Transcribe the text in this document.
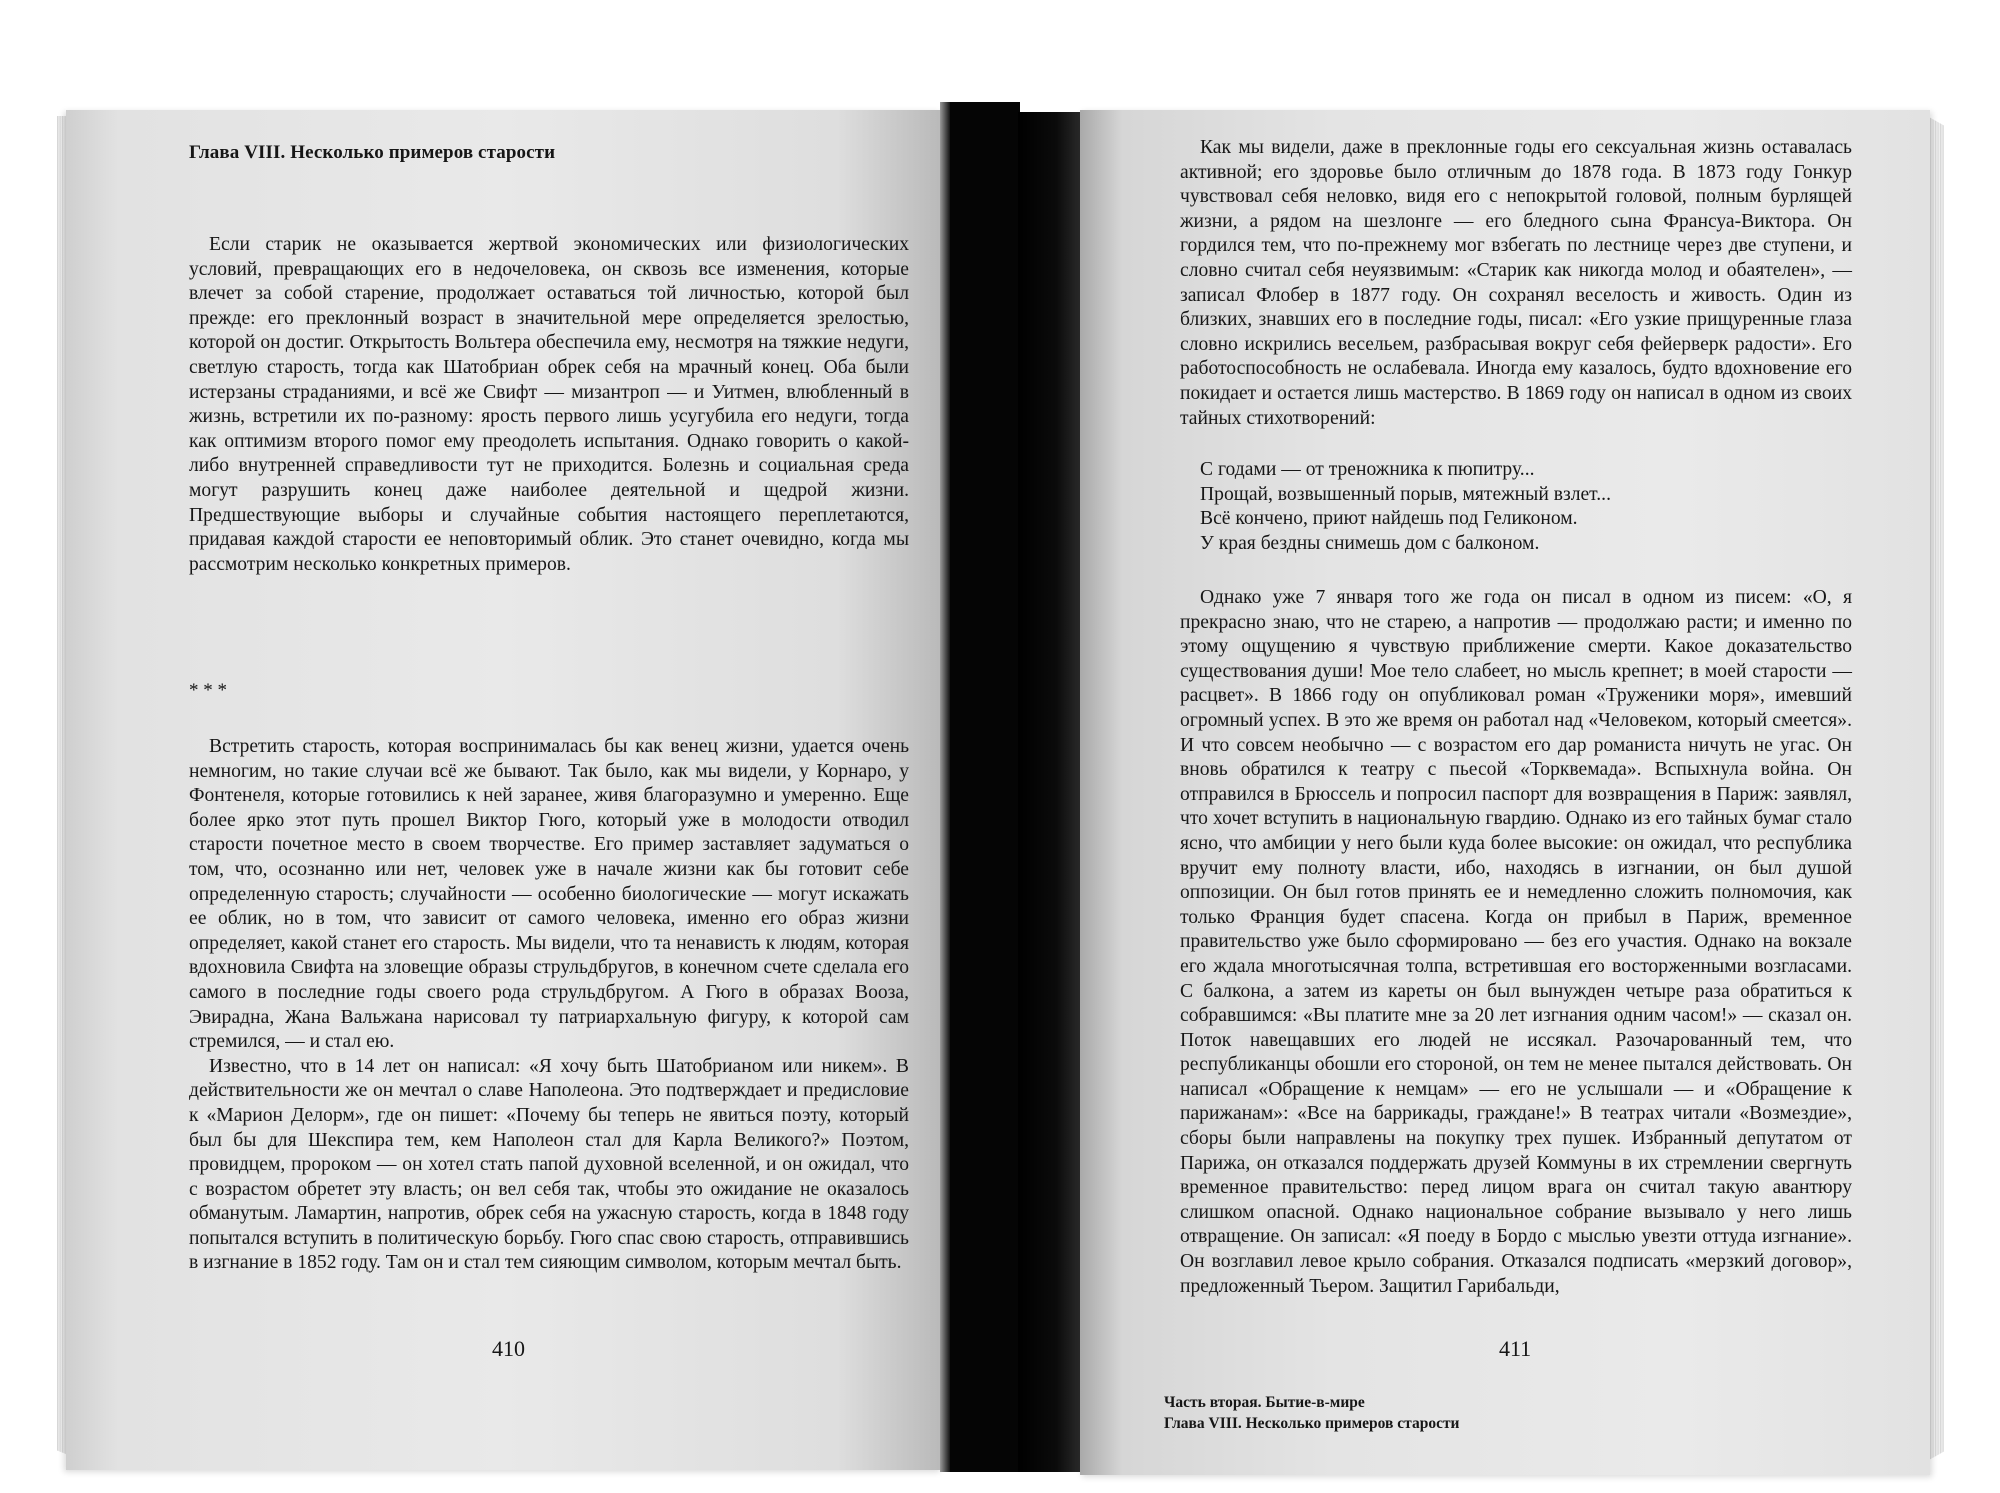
Глава VIII. Несколько примеров старости

Если старик не оказывается жертвой экономических или физиологических условий, превращающих его в недочеловека, он сквозь все изменения, которые влечет за собой старение, продолжает оставаться той личностью, которой был прежде: его преклонный возраст в значительной мере определяется зрелостью, которой он достиг. Открытость Вольтера обеспечила ему, несмотря на тяжкие недуги, светлую старость, тогда как Шатобриан обрек себя на мрачный конец. Оба были истерзаны страданиями, и всё же Свифт — мизантроп — и Уитмен, влюбленный в жизнь, встретили их по-разному: ярость первого лишь усугубила его недуги, тогда как оптимизм второго помог ему преодолеть испытания. Однако говорить о какой-либо внутренней справедливости тут не приходится. Болезнь и социальная среда могут разрушить конец даже наиболее деятельной и щедрой жизни. Предшествующие выборы и случайные события настоящего переплетаются, придавая каждой старости ее неповторимый облик. Это станет очевидно, когда мы рассмотрим несколько конкретных примеров.

* * *

Встретить старость, которая воспринималась бы как венец жизни, удается очень немногим, но такие случаи всё же бывают. Так было, как мы видели, у Корнаро, у Фонтенеля, которые готовились к ней заранее, живя благоразумно и умеренно. Еще более ярко этот путь прошел Виктор Гюго, который уже в молодости отводил старости почетное место в своем творчестве. Его пример заставляет задуматься о том, что, осознанно или нет, человек уже в начале жизни как бы готовит себе определенную старость; случайности — особенно биологические — могут искажать ее облик, но в том, что зависит от самого человека, именно его образ жизни определяет, какой станет его старость. Мы видели, что та ненависть к людям, которая вдохновила Свифта на зловещие образы струльдбругов, в конечном счете сделала его самого в последние годы своего рода струльдбругом. А Гюго в образах Вооза, Эвирадна, Жана Вальжана нарисовал ту патриархальную фигуру, к которой сам стремился, — и стал ею.

Известно, что в 14 лет он написал: «Я хочу быть Шатобрианом или никем». В действительности же он мечтал о славе Наполеона. Это подтверждает и предисловие к «Марион Делорм», где он пишет: «Почему бы теперь не явиться поэту, который был бы для Шекспира тем, кем Наполеон стал для Карла Великого?» Поэтом, провидцем, пророком — он хотел стать папой духовной вселенной, и он ожидал, что с возрастом обретет эту власть; он вел себя так, чтобы это ожидание не оказалось обманутым. Ламартин, напротив, обрек себя на ужасную старость, когда в 1848 году попытался вступить в политическую борьбу. Гюго спас свою старость, отправившись в изгнание в 1852 году. Там он и стал тем сияющим символом, которым мечтал быть.

410

Как мы видели, даже в преклонные годы его сексуальная жизнь оставалась активной; его здоровье было отличным до 1878 года. В 1873 году Гонкур чувствовал себя неловко, видя его с непокрытой головой, полным бурлящей жизни, а рядом на шезлонге — его бледного сына Франсуа-Виктора. Он гордился тем, что по-прежнему мог взбегать по лестнице через две ступени, и словно считал себя неуязвимым: «Старик как никогда молод и обаятелен», — записал Флобер в 1877 году. Он сохранял веселость и живость. Один из близких, знавших его в последние годы, писал: «Его узкие прищуренные глаза словно искрились весельем, разбрасывая вокруг себя фейерверк радости». Его работоспособность не ослабевала. Иногда ему казалось, будто вдохновение его покидает и остается лишь мастерство. В 1869 году он написал в одном из своих тайных стихотворений:

С годами — от треножника к пюпитру...
Прощай, возвышенный порыв, мятежный взлет...
Всё кончено, приют найдешь под Геликоном.
У края бездны снимешь дом с балконом.

Однако уже 7 января того же года он писал в одном из писем: «О, я прекрасно знаю, что не старею, а напротив — продолжаю расти; и именно по этому ощущению я чувствую приближение смерти. Какое доказательство существования души! Мое тело слабеет, но мысль крепнет; в моей старости — расцвет». В 1866 году он опубликовал роман «Труженики моря», имевший огромный успех. В это же время он работал над «Человеком, который смеется». И что совсем необычно — с возрастом его дар романиста ничуть не угас. Он вновь обратился к театру с пьесой «Торквемада». Вспыхнула война. Он отправился в Брюссель и попросил паспорт для возвращения в Париж: заявлял, что хочет вступить в национальную гвардию. Однако из его тайных бумаг стало ясно, что амбиции у него были куда более высокие: он ожидал, что республика вручит ему полноту власти, ибо, находясь в изгнании, он был душой оппозиции. Он был готов принять ее и немедленно сложить полномочия, как только Франция будет спасена. Когда он прибыл в Париж, временное правительство уже было сформировано — без его участия. Однако на вокзале его ждала многотысячная толпа, встретившая его восторженными возгласами. С балкона, а затем из кареты он был вынужден четыре раза обратиться к собравшимся: «Вы платите мне за 20 лет изгнания одним часом!» — сказал он. Поток навещавших его людей не иссякал. Разочарованный тем, что республиканцы обошли его стороной, он тем не менее пытался действовать. Он написал «Обращение к немцам» — его не услышали — и «Обращение к парижанам»: «Все на баррикады, граждане!» В театрах читали «Возмездие», сборы были направлены на покупку трех пушек. Избранный депутатом от Парижа, он отказался поддержать друзей Коммуны в их стремлении свергнуть временное правительство: перед лицом врага он считал такую авантюру слишком опасной. Однако национальное собрание вызывало у него лишь отвращение. Он записал: «Я поеду в Бордо с мыслью увезти оттуда изгнание». Он возглавил левое крыло собрания. Отказался подписать «мерзкий договор», предложенный Тьером. Защитил Гарибальди,

411
Часть вторая. Бытие-в-мире
Глава VIII. Несколько примеров старости
